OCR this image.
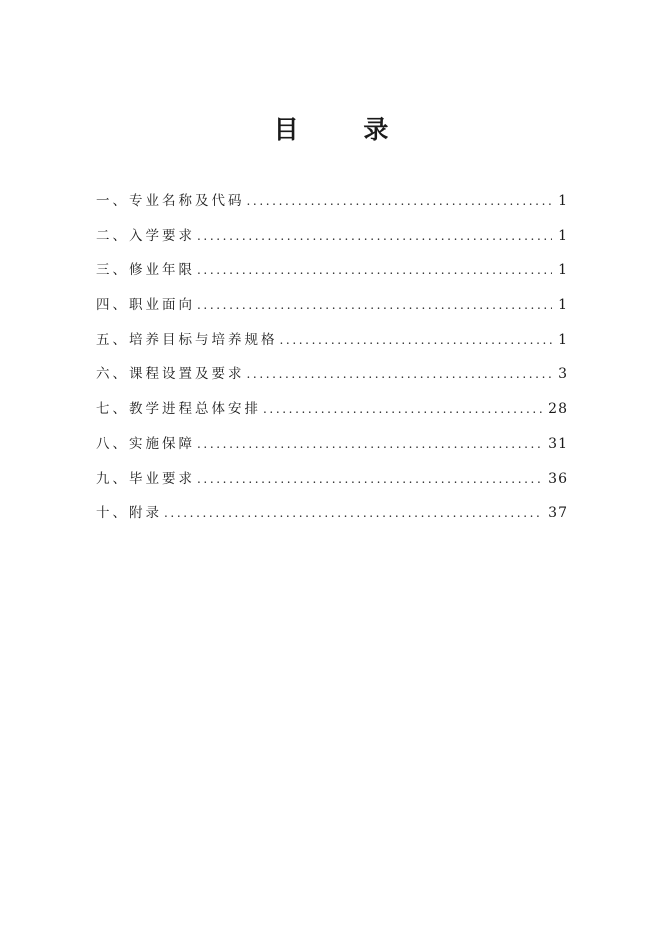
目 录
一、专业名称及代码 .....	1
二、入学要求 .....	1
三、修业年限 .....	1
四、职业面向 .....	1
五、培养目标与培养规格 .....	1
六、课程设置及要求 .....	3
七、教学进程总体安排 .....	28
八、实施保障 .....	31
九、毕业要求 .....	36
十、附录 .....	37
